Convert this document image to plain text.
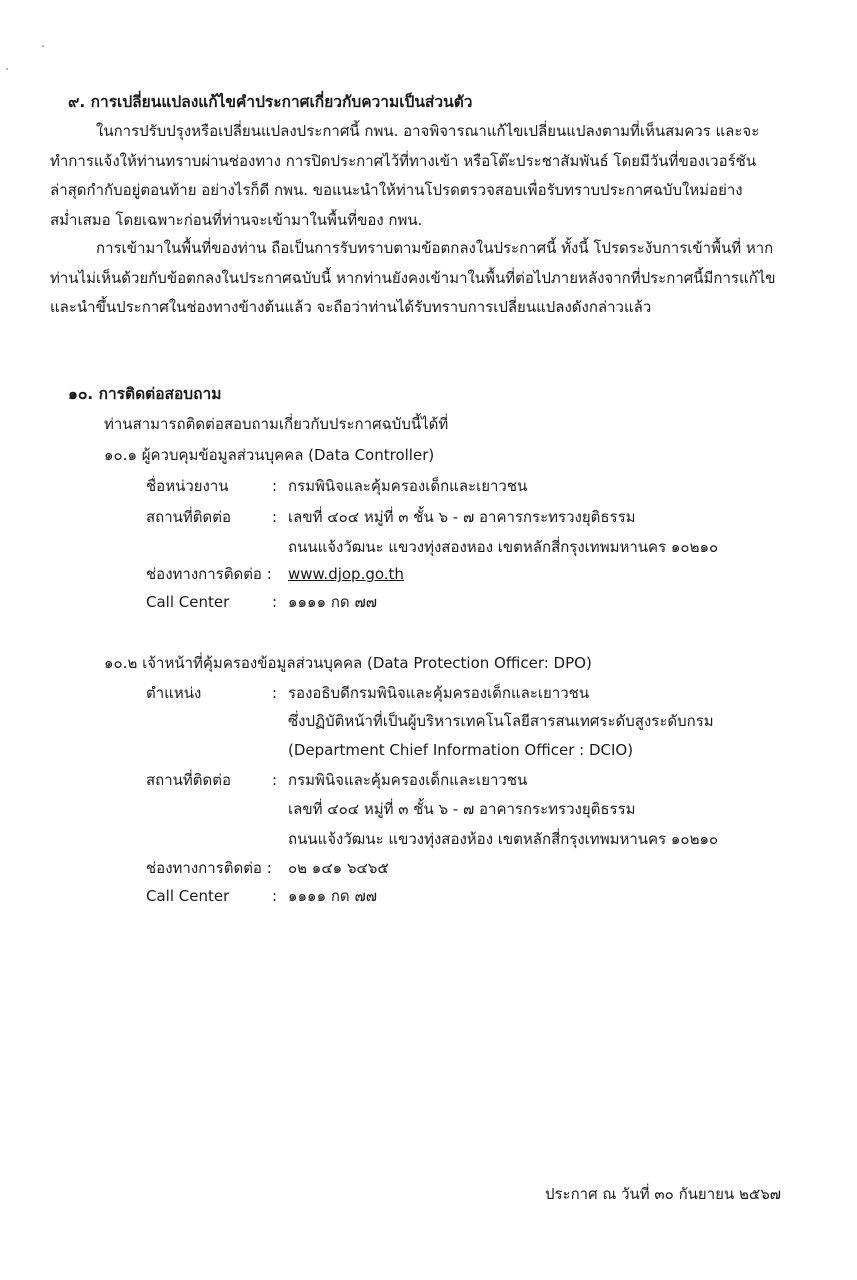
๙. การเปลี่ยนแปลงแก้ไขคำประกาศเกี่ยวกับความเป็นส่วนตัว
ในการปรับปรุงหรือเปลี่ยนแปลงประกาศนี้ กพน. อาจพิจารณาแก้ไขเปลี่ยนแปลงตามที่เห็นสมควร และจะทำการแจ้งให้ท่านทราบผ่านช่องทาง การปิดประกาศไว้ที่ทางเข้า หรือโต๊ะประชาสัมพันธ์ โดยมีวันที่ของเวอร์ชันล่าสุดกำกับอยู่ตอนท้าย อย่างไรก็ดี กพน. ขอแนะนำให้ท่านโปรดตรวจสอบเพื่อรับทราบประกาศฉบับใหม่อย่างสม่ำเสมอ โดยเฉพาะก่อนที่ท่านจะเข้ามาในพื้นที่ของ กพน.
การเข้ามาในพื้นที่ของท่าน ถือเป็นการรับทราบตามข้อตกลงในประกาศนี้ ทั้งนี้ โปรดระงับการเข้าพื้นที่ หากท่านไม่เห็นด้วยกับข้อตกลงในประกาศฉบับนี้ หากท่านยังคงเข้ามาในพื้นที่ต่อไปภายหลังจากที่ประกาศนี้มีการแก้ไขและนำขึ้นประกาศในช่องทางข้างต้นแล้ว จะถือว่าท่านได้รับทราบการเปลี่ยนแปลงดังกล่าวแล้ว
๑๐. การติดต่อสอบถาม
ท่านสามารถติดต่อสอบถามเกี่ยวกับประกาศฉบับนี้ได้ที่
๑๐.๑ ผู้ควบคุมข้อมูลส่วนบุคคล (Data Controller)
ชื่อหน่วยงาน	: กรมพินิจและคุ้มครองเด็กและเยาวชน
สถานที่ติดต่อ	: เลขที่ ๔๐๔ หมู่ที่ ๓ ชั้น ๖ - ๗ อาคารกระทรวงยุติธรรม
ถนนแจ้งวัฒนะ แขวงทุ่งสองหอง เขตหลักสี่กรุงเทพมหานคร ๑๐๒๑๐
ช่องทางการติดต่อ : www.djop.go.th
Call Center	: ๑๑๑๑ กด ๗๗
๑๐.๒ เจ้าหน้าที่คุ้มครองข้อมูลส่วนบุคคล (Data Protection Officer: DPO)
ตำแหน่ง	: รองอธิบดีกรมพินิจและคุ้มครองเด็กและเยาวชน
ซึ่งปฏิบัติหน้าที่เป็นผู้บริหารเทคโนโลยีสารสนเทศระดับสูงระดับกรม
(Department Chief Information Officer : DCIO)
สถานที่ติดต่อ	: กรมพินิจและคุ้มครองเด็กและเยาวชน
เลขที่ ๔๐๔ หมู่ที่ ๓ ชั้น ๖ - ๗ อาคารกระทรวงยุติธรรม
ถนนแจ้งวัฒนะ แขวงทุ่งสองห้อง เขตหลักสี่กรุงเทพมหานคร ๑๐๒๑๐
ช่องทางการติดต่อ : ๐๒ ๑๔๑ ๖๔๖๕
Call Center	: ๑๑๑๑ กด ๗๗
ประกาศ ณ วันที่ ๓๐ กันยายน ๒๕๖๗
